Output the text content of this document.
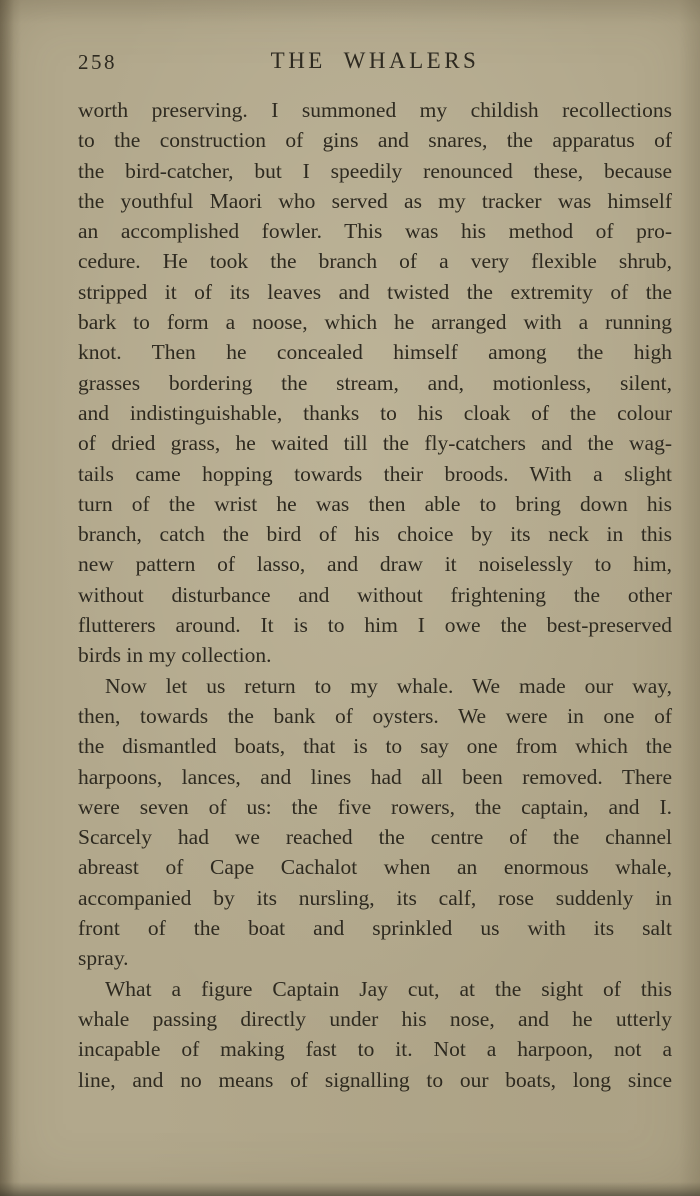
258	THE WHALERS
worth preserving. I summoned my childish recollections
to the construction of gins and snares, the apparatus of
the bird-catcher, but I speedily renounced these, because
the youthful Maori who served as my tracker was himself
an accomplished fowler. This was his method of pro-
cedure. He took the branch of a very flexible shrub,
stripped it of its leaves and twisted the extremity of the
bark to form a noose, which he arranged with a running
knot. Then he concealed himself among the high
grasses bordering the stream, and, motionless, silent,
and indistinguishable, thanks to his cloak of the colour
of dried grass, he waited till the fly-catchers and the wag-
tails came hopping towards their broods. With a slight
turn of the wrist he was then able to bring down his
branch, catch the bird of his choice by its neck in this
new pattern of lasso, and draw it noiselessly to him,
without disturbance and without frightening the other
flutterers around. It is to him I owe the best-preserved
birds in my collection.
Now let us return to my whale. We made our way,
then, towards the bank of oysters. We were in one of
the dismantled boats, that is to say one from which the
harpoons, lances, and lines had all been removed. There
were seven of us: the five rowers, the captain, and I.
Scarcely had we reached the centre of the channel
abreast of Cape Cachalot when an enormous whale,
accompanied by its nursling, its calf, rose suddenly in
front of the boat and sprinkled us with its salt
spray.
What a figure Captain Jay cut, at the sight of this
whale passing directly under his nose, and he utterly
incapable of making fast to it. Not a harpoon, not a
line, and no means of signalling to our boats, long since
